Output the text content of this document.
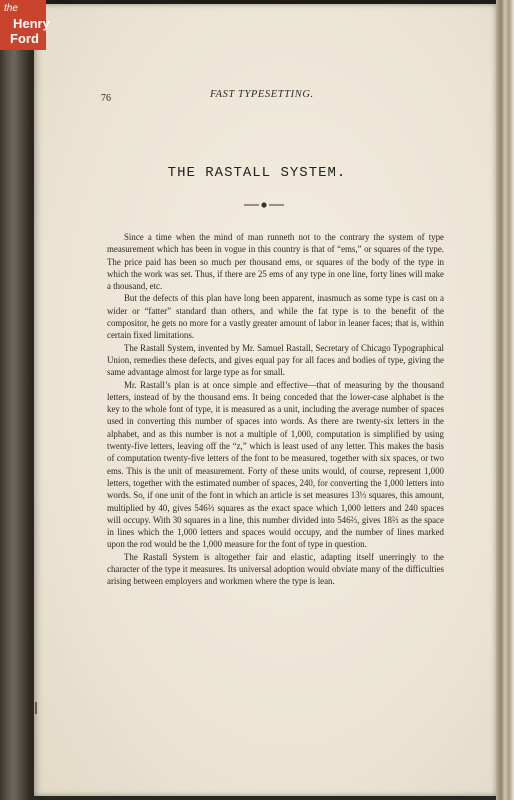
the
Henry
Ford
76	FAST TYPESETTING.
THE RASTALL SYSTEM.

Since a time when the mind of man runneth not to the contrary the system of type measurement which has been in vogue in this country is that of “ems,” or squares of the type. The price paid has been so much per thousand ems, or squares of the body of the type in which the work was set. Thus, if there are 25 ems of any type in one line, forty lines will make a thousand, etc.

But the defects of this plan have long been apparent, inasmuch as some type is cast on a wider or “fatter” standard than others, and while the fat type is to the benefit of the compositor, he gets no more for a vastly greater amount of labor in leaner faces; that is, within certain fixed limitations.

The Rastall System, invented by Mr. Samuel Rastall, Secretary of Chicago Typographical Union, remedies these defects, and gives equal pay for all faces and bodies of type, giving the same advantage almost for large type as for small.

Mr. Rastall’s plan is at once simple and effective—that of measuring by the thousand letters, instead of by the thousand ems. It being conceded that the lower-case alphabet is the key to the whole font of type, it is measured as a unit, including the average number of spaces used in converting this number of spaces into words. As there are twenty-six letters in the alphabet, and as this number is not a multiple of 1,000, computation is simplified by using twenty-five letters, leaving off the “z,” which is least used of any letter. This makes the basis of computation twenty-five letters of the font to be measured, together with six spaces, or two ems. This is the unit of measurement. Forty of these units would, of course, represent 1,000 letters, together with the estimated number of spaces, 240, for converting the 1,000 letters into words. So, if one unit of the font in which an article is set measures 13⅓ squares, this amount, multiplied by 40, gives 546⅔ squares as the exact space which 1,000 letters and 240 spaces will occupy. With 30 squares in a line, this number divided into 546⅔, gives 18⅔ as the space in lines which the 1,000 letters and spaces would occupy, and the number of lines marked upon the rod would be the 1,000 measure for the font of type in question.

The Rastall System is altogether fair and elastic, adapting itself unerringly to the character of the type it measures. Its universal adoption would obviate many of the difficulties arising between employers and workmen where the type is lean.
